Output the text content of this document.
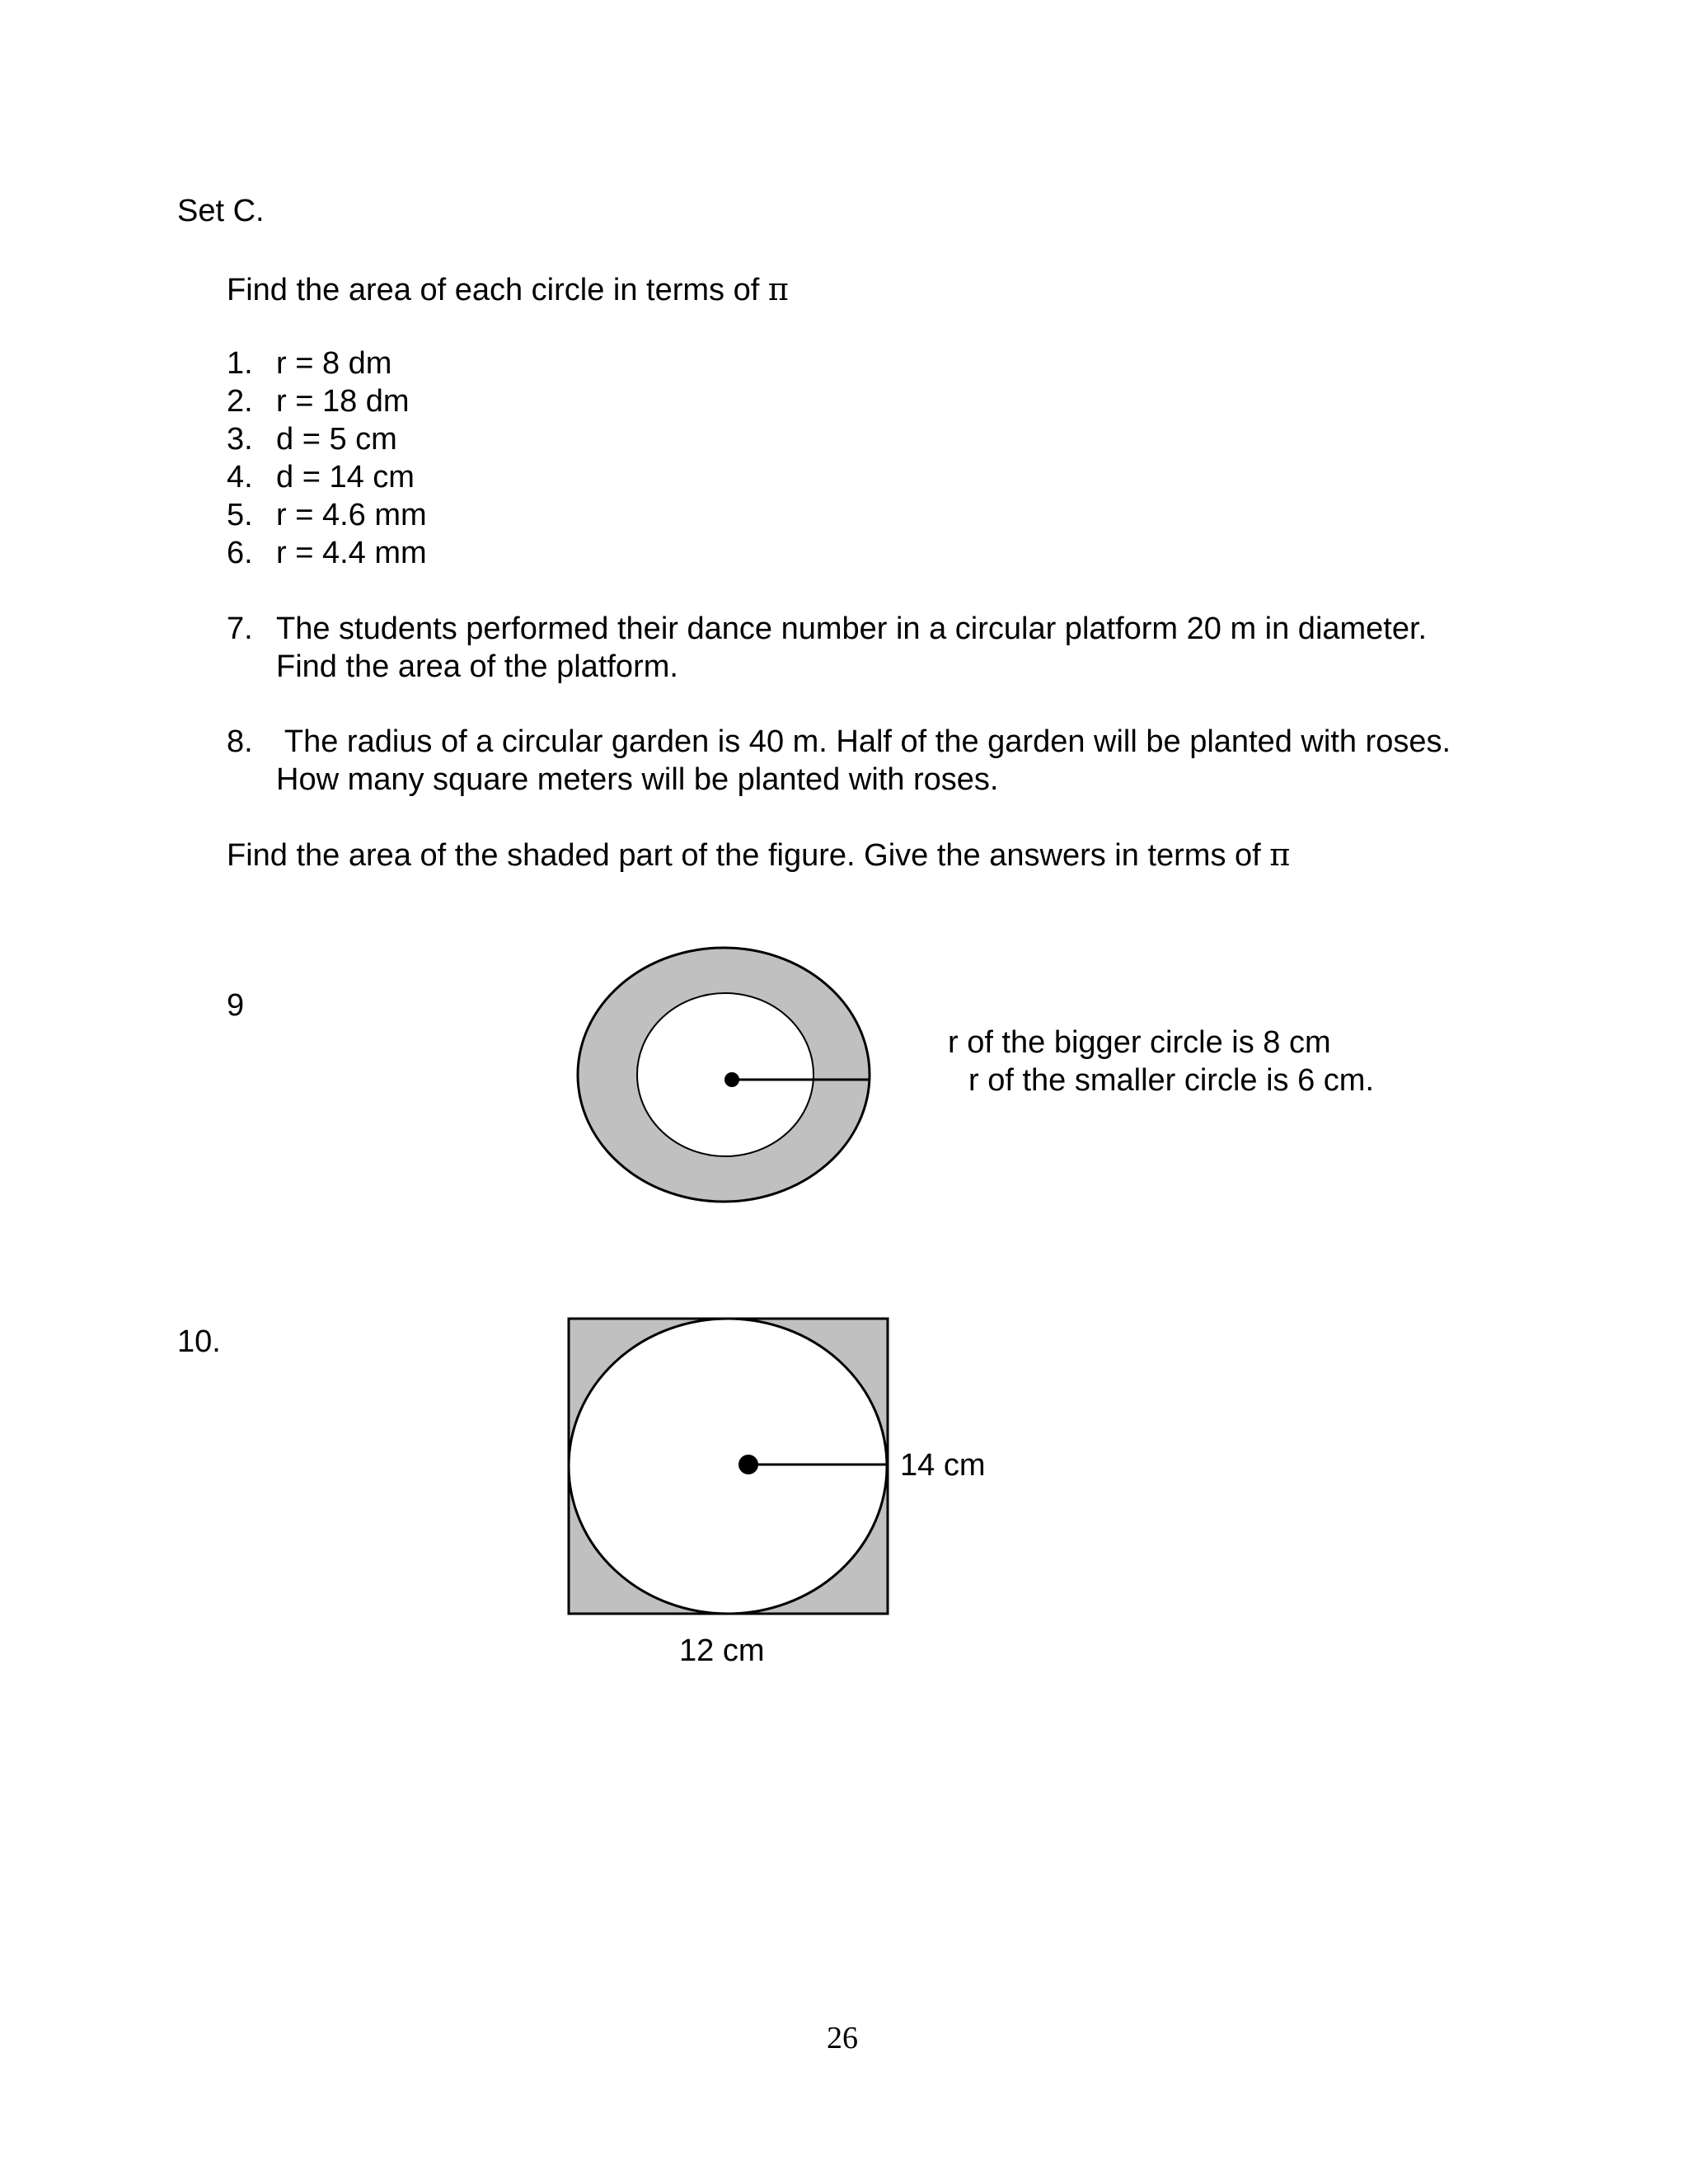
Set C.
Find the area of each circle in terms of π
1. r = 8 dm
2. r = 18 dm
3. d = 5 cm
4. d = 14 cm
5. r = 4.6 mm
6. r = 4.4 mm
7. The students performed their dance number in a circular platform 20 m in diameter.
Find the area of the platform.
8. The radius of a circular garden is 40 m. Half of the garden will be planted with roses.
How many square meters will be planted with roses.
Find the area of the shaded part of the figure. Give the answers in terms of π
9
r of the bigger circle is 8 cm
r of the smaller circle is 6 cm.
10.
14 cm
12 cm
26
